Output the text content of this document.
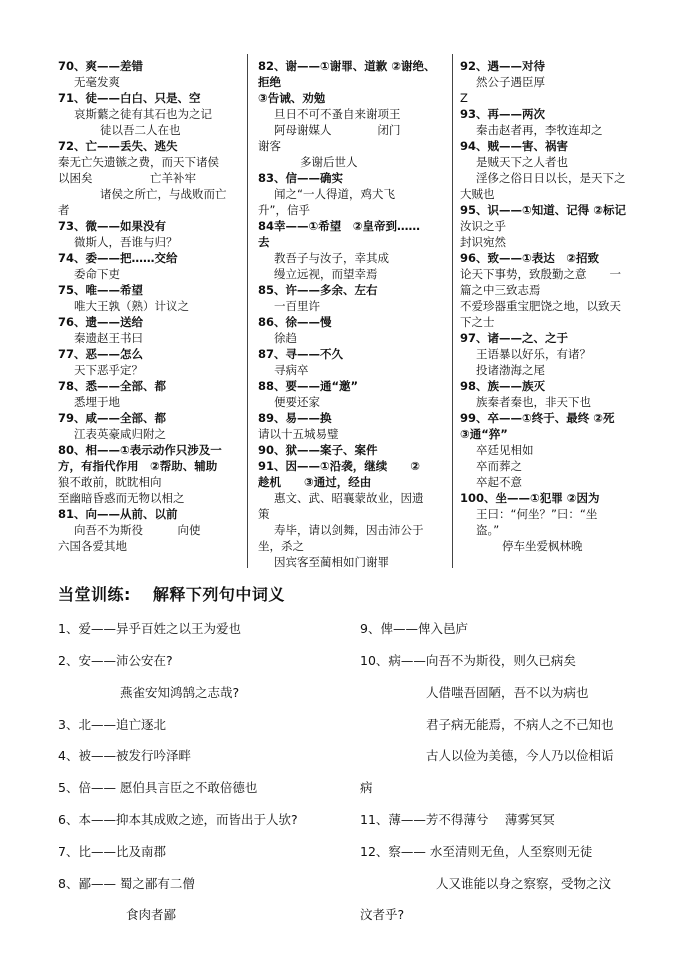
70、爽——差错
无毫发爽
71、徒——白白、只是、空
哀斯蘩之徒有其石也为之记
徒以吾二人在也
72、亡——丢失、逃失
秦无亡矢遗镞之费，而天下诸侯
以困矣　　　　　亡羊补牢
诸侯之所亡，与战败而亡
者
73、微——如果没有
微斯人，吾谁与归？
74、委——把……交给
委命下吏
75、唯——希望
唯大王孰（熟）计议之
76、遗——送给
秦遗赵王书曰
77、恶——怎么
天下恶乎定？
78、悉——全部、都
悉埋于地
79、咸——全部、都
江表英豪咸归附之
80、相——①表示动作只涉及一
方，有指代作用　②帮助、辅助
狼不敢前，眈眈相向
至幽暗昏惑而无物以相之
81、向——从前、以前
向吾不为斯役　　　向使
六国各爱其地
82、谢——①谢罪、道歉 ②谢绝、
拒绝
③告诫、劝勉
旦日不可不蚤自来谢项王
阿母谢媒人　　　　闭门
谢客
多谢后世人
83、信——确实
闻之“一人得道，鸡犬飞
升”，信乎
84幸——①希望　②皇帝到……
去
教吾子与汝子，幸其成
缦立远视，而望幸焉
85、许——多余、左右
一百里许
86、徐——慢
徐趋
87、寻——不久
寻病卒
88、要——通“邀”
便要还家
89、易——换
请以十五城易璧
90、狱——案子、案件
91、因——①沿袭，继续　　②
趁机　　③通过，经由
惠文、武、昭襄蒙故业，因遗
策
寿毕，请以剑舞，因击沛公于
坐，杀之
因宾客至蔺相如门谢罪
92、遇——对待
然公子遇臣厚
Z
93、再——两次
秦击赵者再，李牧连却之
94、贼——害、祸害
是贼天下之人者也
淫侈之俗日日以长，是天下之
大贼也
95、识——①知道、记得 ②标记
汝识之乎
封识宛然
96、致——①表达　②招致
论天下事势，致殷勤之意　　一
篇之中三致志焉
不爱珍器重宝肥饶之地，以致天
下之士
97、诸——之、之于
王语暴以好乐，有诸？
投诸渤海之尾
98、族——族灭
族秦者秦也，非天下也
99、卒——①终于、最终 ②死
③通“猝”
卒廷见相如
卒而葬之
卒起不意
100、坐——①犯罪 ②因为
王曰：“何坐？”曰：“坐
盗。”
停车坐爱枫林晚
当堂训练: 解释下列句中词义
1、爱——异乎百姓之以王为爱也
2、安——沛公安在?
燕雀安知鸿鹄之志哉?
3、北——追亡逐北
4、被——被发行吟泽畔
5、倍—— 愿伯具言臣之不敢倍德也
6、本——抑本其成败之迹，而皆出于人欤?
7、比——比及南郡
8、鄙—— 蜀之鄙有二僧
食肉者鄙
9、俾——俾入邑庐
10、病——向吾不为斯役，则久已病矣
人借嗤吾固陋，吾不以为病也
君子病无能焉，不病人之不己知也
古人以俭为美德，今人乃以俭相诟
病
11、薄——芳不得薄兮　 薄雾冥冥
12、察—— 水至清则无鱼，人至察则无徒
人又谁能以身之察察，受物之汶
汶者乎?
